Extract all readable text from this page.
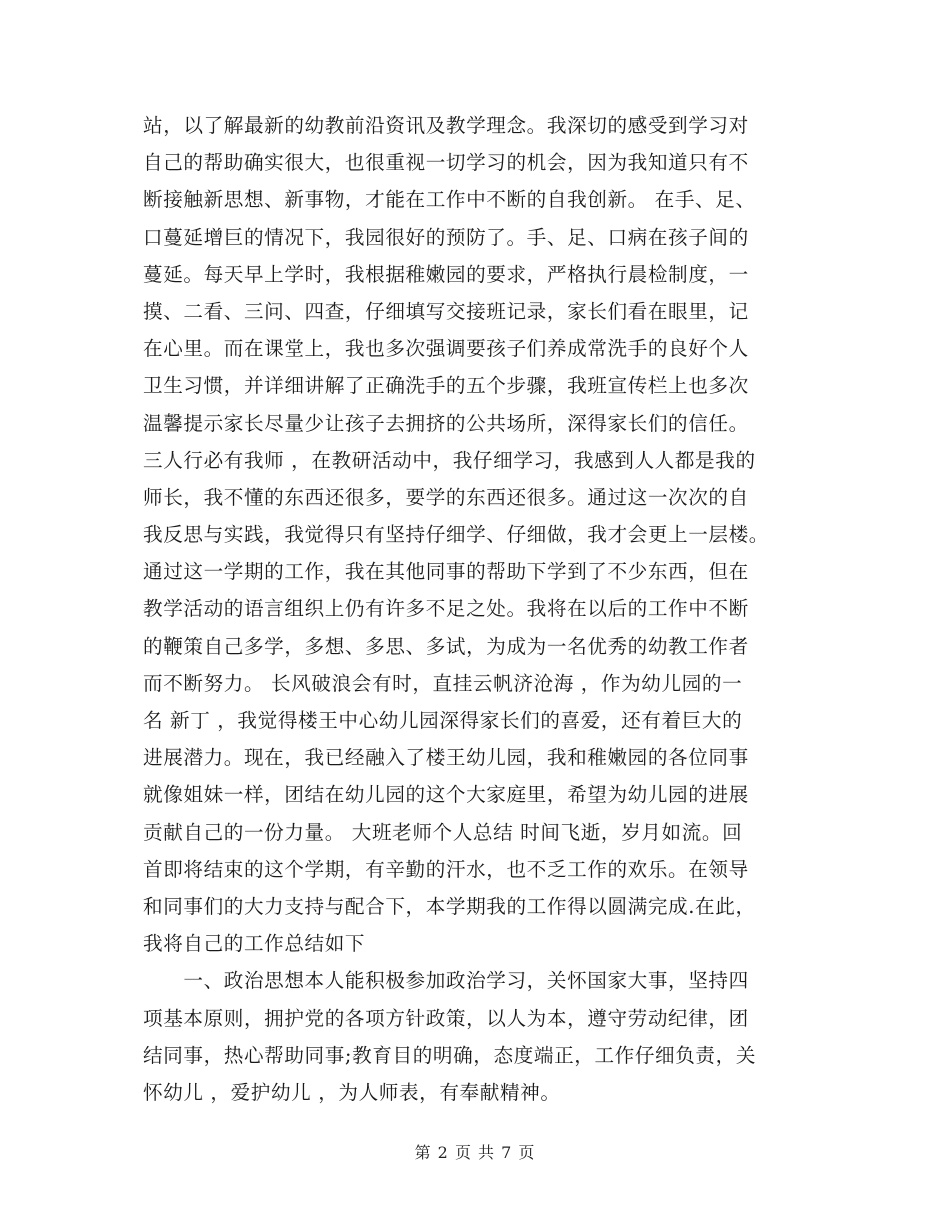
站，以了解最新的幼教前沿资讯及教学理念。我深切的感受到学习对
自己的帮助确实很大，也很重视一切学习的机会，因为我知道只有不
断接触新思想、新事物，才能在工作中不断的自我创新。 在手、足、
口蔓延增巨的情况下，我园很好的预防了。手、足、口病在孩子间的
蔓延。每天早上学时，我根据稚嫩园的要求，严格执行晨检制度，一
摸、二看、三问、四查，仔细填写交接班记录，家长们看在眼里，记
在心里。而在课堂上，我也多次强调要孩子们养成常洗手的良好个人
卫生习惯，并详细讲解了正确洗手的五个步骤，我班宣传栏上也多次
温馨提示家长尽量少让孩子去拥挤的公共场所，深得家长们的信任。
三人行必有我师 ，在教研活动中，我仔细学习，我感到人人都是我的
师长，我不懂的东西还很多，要学的东西还很多。通过这一次次的自
我反思与实践，我觉得只有坚持仔细学、仔细做，我才会更上一层楼。
通过这一学期的工作，我在其他同事的帮助下学到了不少东西，但在
教学活动的语言组织上仍有许多不足之处。我将在以后的工作中不断
的鞭策自己多学，多想、多思、多试，为成为一名优秀的幼教工作者
而不断努力。 长风破浪会有时，直挂云帆济沧海 ，作为幼儿园的一
名 新丁 ，我觉得楼王中心幼儿园深得家长们的喜爱，还有着巨大的
进展潜力。现在，我已经融入了楼王幼儿园，我和稚嫩园的各位同事
就像姐妹一样，团结在幼儿园的这个大家庭里，希望为幼儿园的进展
贡献自己的一份力量。 大班老师个人总结 时间飞逝，岁月如流。回
首即将结束的这个学期，有辛勤的汗水，也不乏工作的欢乐。在领导
和同事们的大力支持与配合下，本学期我的工作得以圆满完成.在此，
我将自己的工作总结如下
　　一、政治思想本人能积极参加政治学习，关怀国家大事，坚持四
项基本原则，拥护党的各项方针政策，以人为本，遵守劳动纪律，团
结同事，热心帮助同事;教育目的明确，态度端正，工作仔细负责，关
怀幼儿 ，爱护幼儿 ，为人师表，有奉献精神。
第 2 页 共 7 页
